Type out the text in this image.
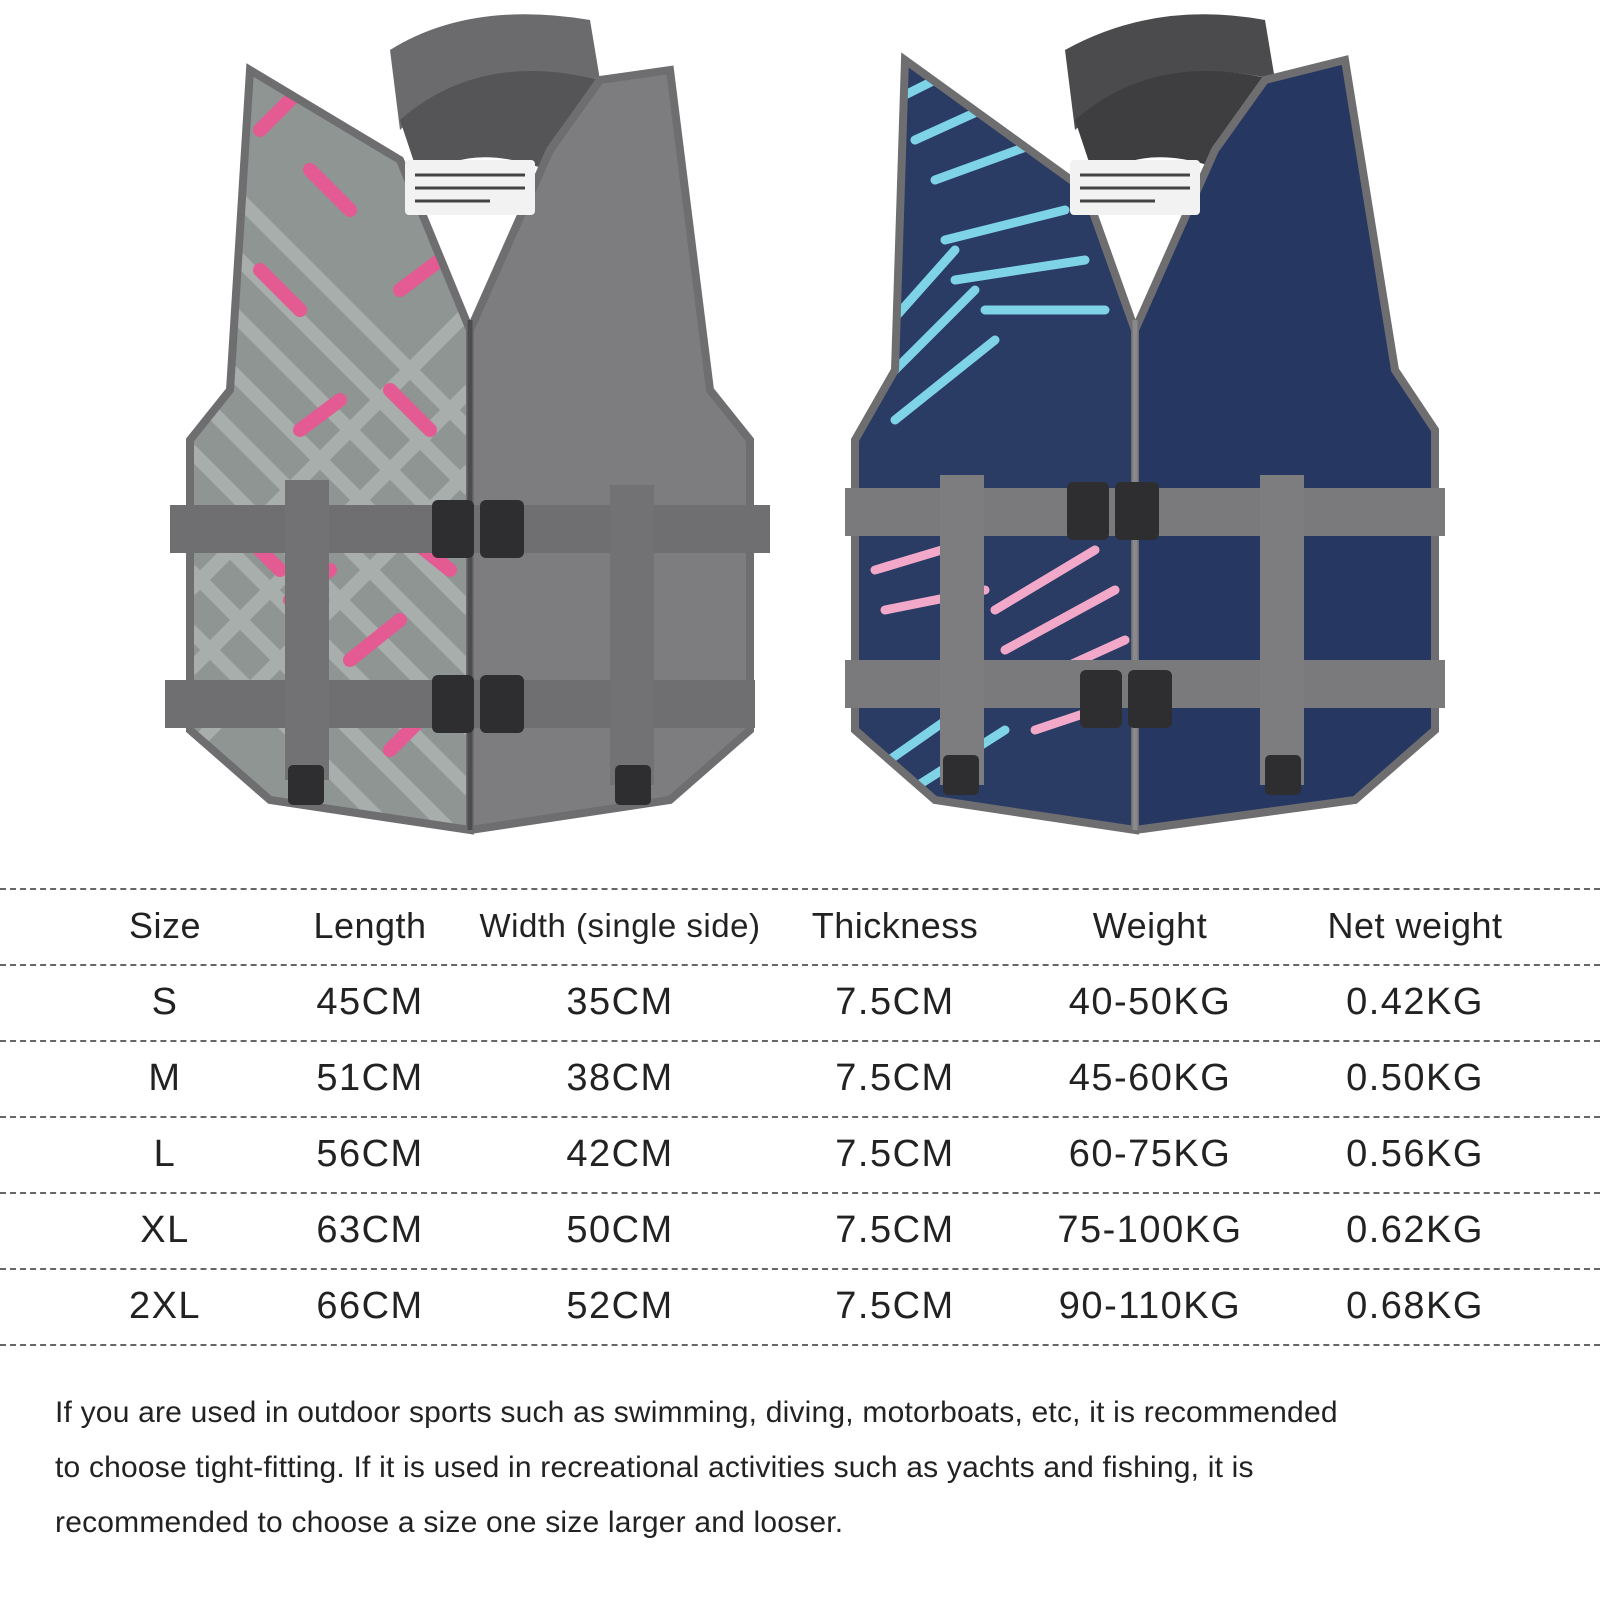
Size	Length	Width (single side)	Thickness	Weight	Net weight
S	45CM	35CM	7.5CM	40-50KG	0.42KG
M	51CM	38CM	7.5CM	45-60KG	0.50KG
L	56CM	42CM	7.5CM	60-75KG	0.56KG
XL	63CM	50CM	7.5CM	75-100KG	0.62KG
2XL	66CM	52CM	7.5CM	90-110KG	0.68KG
If you are used in outdoor sports such as swimming, diving, motorboats, etc, it is recommended
to choose tight-fitting. If it is used in recreational activities such as yachts and fishing, it is
recommended to choose a size one size larger and looser.
